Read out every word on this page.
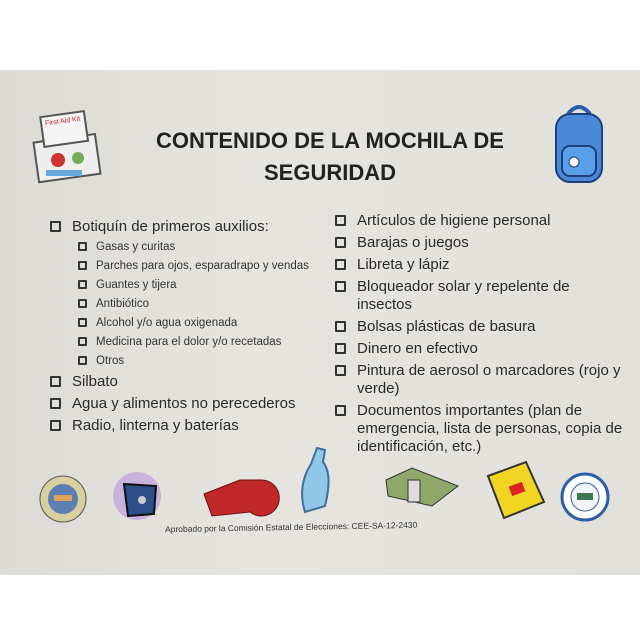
First Aid Kit
CONTENIDO DE LA MOCHILA DE
SEGURIDAD
Botiquín de primeros auxilios:
Gasas y curitas
Parches para ojos, esparadrapo y vendas
Guantes y tijera
Antibiótico
Alcohol y/o agua oxigenada
Medicina para el dolor y/o recetadas
Otros
Silbato
Agua y alimentos no perecederos
Radio, linterna y baterías
Artículos de higiene personal
Barajas o juegos
Libreta y lápiz
Bloqueador solar y repelente de insectos
Bolsas plásticas de basura
Dinero en efectivo
Pintura de aerosol o marcadores (rojo y verde)
Documentos importantes (plan de emergencia, lista de personas, copia de identificación, etc.)
Aprobado por la Comisión Estatal de Elecciones: CEE-SA-12-2430
